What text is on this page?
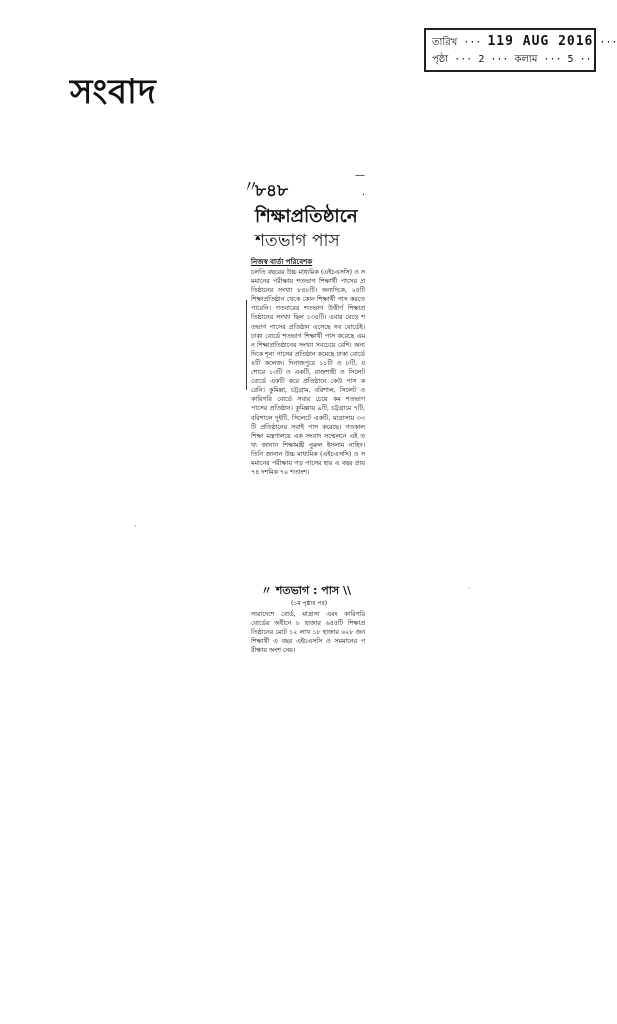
সংবাদ
তারিখ ··· 119 AUG 2016 ···
পৃষ্ঠা ··· 2 ··· কলাম ··· 5 ···
〃
—
·
৮৪৮
শিক্ষাপ্রতিষ্ঠানে
শতভাগ পাস
নিজস্ব বার্তা পরিবেশক
চলতি বছরের উচ্চ মাধ্যমিক (এইচএসসি) ও সমমানের পরীক্ষায় শতভাগ শিক্ষার্থী পাসের প্রতিষ্ঠানের সংখ্যা ৮৪৮টি। অন্যদিকে, ২৫টি শিক্ষাপ্রতিষ্ঠান থেকে কোন শিক্ষার্থী পাস করতে পারেনি। গতবারের শতভাগ উত্তীর্ণ শিক্ষাপ্রতিষ্ঠানের সংখ্যা ছিল ১৩৫টি। এবার বেড়ে শতভাগ পাসের প্রতিষ্ঠান এসেছে সব বোর্ডেই। ঢাকা বোর্ডে শতভাগ শিক্ষার্থী পাস করেছে এমন শিক্ষাপ্রতিষ্ঠানের সংখ্যা সবচেয়ে বেশি। অন্যদিকে শূন্য পাসের প্রতিষ্ঠান কমেছে ঢাকা বোর্ডে ৪টি কলেজ। দিনাজপুরে ১১টি ও ৮টি, যশোরে ১৩টি ও একটি, রাজশাহী ও সিলেট বোর্ডে একটি করে প্রতিষ্ঠানে কেউ পাস করেনি। কুমিল্লা, চট্টগ্রাম, বরিশাল, সিলেট ও কারিগরি বোর্ডে সবার চেয়ে কম শতভাগ পাসের প্রতিষ্ঠান। কুমিল্লায় ৯টি, চট্টগ্রামে ৭টি, বরিশালে দুইটি, সিলেটে একটি, মাদ্রাসায় ৩৩টি প্রতিষ্ঠানের সবাই পাস করেছে। গতকাল শিক্ষা মন্ত্রণালয়ে এক সংবাদ সম্মেলনে এই তথ্য জানান শিক্ষামন্ত্রী নুরুল ইসলাম নাহিদ। তিনি জানান উচ্চ মাধ্যমিক (এইচএসসি) ও সমমানের পরীক্ষায় গড় পাসের হার এ বছর প্রায় ৭৪ দশমিক ৭০ শতাংশ।
〃 শতভাগ : পাস \\
(১ম পৃষ্ঠার পর)
সারাদেশে বোর্ড, মাদ্রাসা এবং কারিগরি বোর্ডের অধীনে ৮ হাজার ৬৪৫টি শিক্ষাপ্রতিষ্ঠানের মোট ১২ লাখ ১৮ হাজার ৬২৮ জন শিক্ষার্থী এ বছর এইচএসসি ও সমমানের পরীক্ষায় অংশ নেয়।
·
·
